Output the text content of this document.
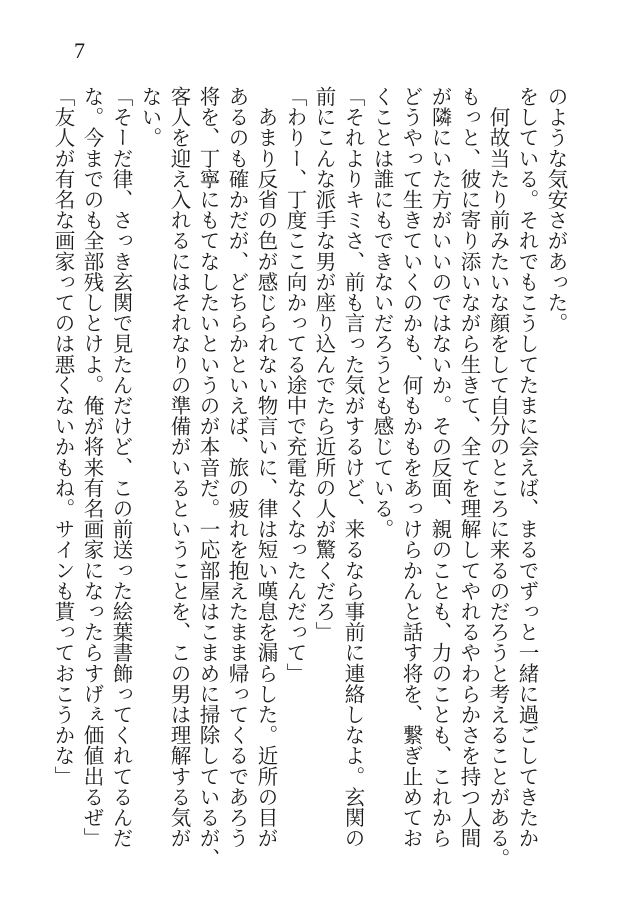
7
のような気安さがあった。
をしている。それでもこうしてたまに会えば、まるでずっと一緒に過ごしてきたか
　何故当たり前みたいな顔をして自分のところに来るのだろうと考えることがある。
もっと、彼に寄り添いながら生きて、全てを理解してやれるやわらかさを持つ人間
が隣にいた方がいいのではないか。その反面、親のことも、力のことも、これから
どうやって生きていくのかも、何もかもをあっけらかんと話す将を、繋ぎ止めてお
くことは誰にもできないだろうとも感じている。
「それよりキミさ、前も言った気がするけど、来るなら事前に連絡しなよ。玄関の
前にこんな派手な男が座り込んでたら近所の人が驚くだろ」
「わりー、丁度ここ向かってる途中で充電なくなったんだって」
　あまり反省の色が感じられない物言いに、律は短い嘆息を漏らした。近所の目が
あるのも確かだが、どちらかといえば、旅の疲れを抱えたまま帰ってくるであろう
将を、丁寧にもてなしたいというのが本音だ。一応部屋はこまめに掃除しているが、
客人を迎え入れるにはそれなりの準備がいるということを、この男は理解する気が
ない。
「そーだ律、さっき玄関で見たんだけど、この前送った絵葉書飾ってくれてるんだ
な。今までのも全部残しとけよ。俺が将来有名画家になったらすげぇ価値出るぜ」
「友人が有名な画家ってのは悪くないかもね。サインも貰っておこうかな」
